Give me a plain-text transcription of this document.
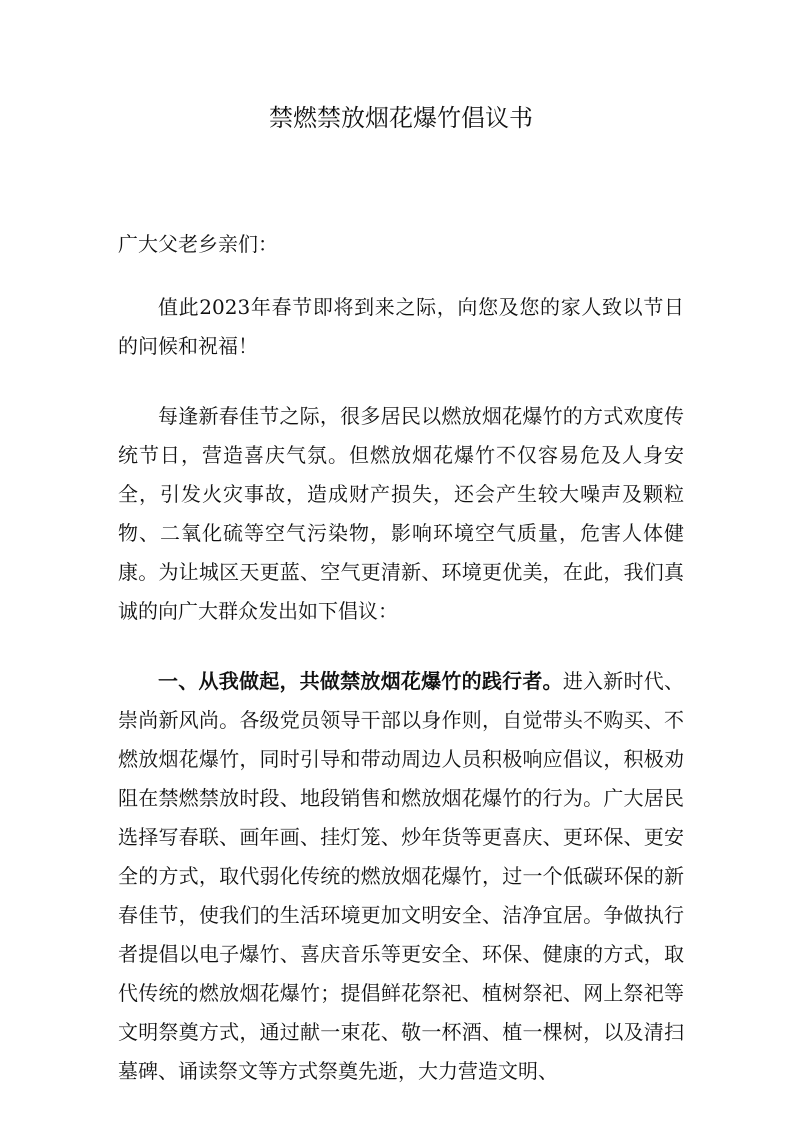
禁燃禁放烟花爆竹倡议书

广大父老乡亲们：

值此2023年春节即将到来之际，向您及您的家人致以节日的问候和祝福！

每逢新春佳节之际，很多居民以燃放烟花爆竹的方式欢度传统节日，营造喜庆气氛。但燃放烟花爆竹不仅容易危及人身安全，引发火灾事故，造成财产损失，还会产生较大噪声及颗粒物、二氧化硫等空气污染物，影响环境空气质量，危害人体健康。为让城区天更蓝、空气更清新、环境更优美，在此，我们真诚的向广大群众发出如下倡议：

一、从我做起，共做禁放烟花爆竹的践行者。进入新时代、崇尚新风尚。各级党员领导干部以身作则，自觉带头不购买、不燃放烟花爆竹，同时引导和带动周边人员积极响应倡议，积极劝阻在禁燃禁放时段、地段销售和燃放烟花爆竹的行为。广大居民选择写春联、画年画、挂灯笼、炒年货等更喜庆、更环保、更安全的方式，取代弱化传统的燃放烟花爆竹，过一个低碳环保的新春佳节，使我们的生活环境更加文明安全、洁净宜居。争做执行者提倡以电子爆竹、喜庆音乐等更安全、环保、健康的方式，取代传统的燃放烟花爆竹；提倡鲜花祭祀、植树祭祀、网上祭祀等文明祭奠方式，通过献一束花、敬一杯酒、植一棵树，以及清扫墓碑、诵读祭文等方式祭奠先逝，大力营造文明、
